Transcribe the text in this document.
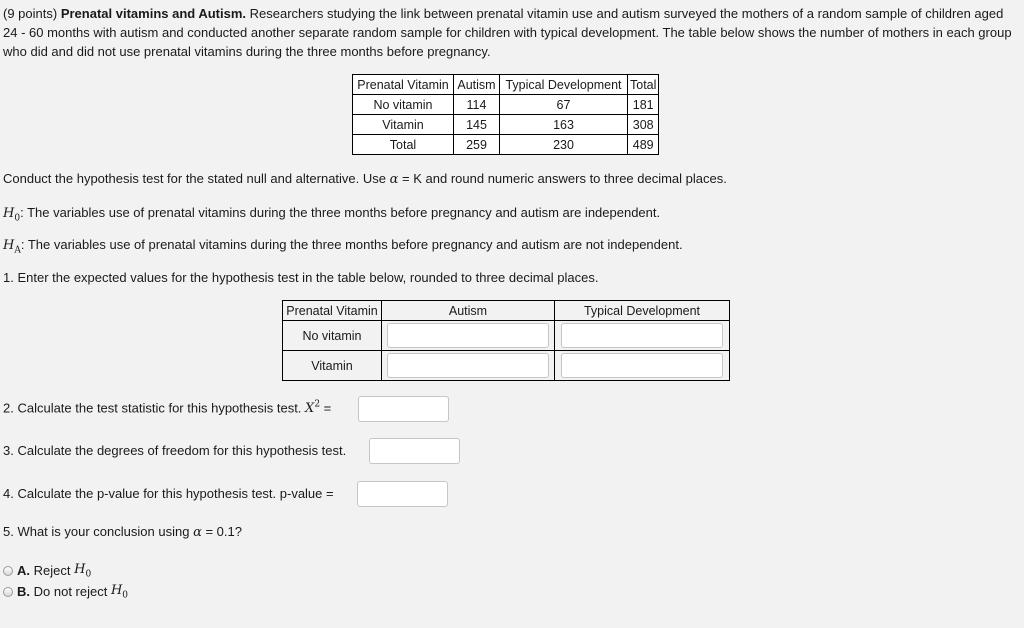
(9 points) Prenatal vitamins and Autism. Researchers studying the link between prenatal vitamin use and autism surveyed the mothers of a random sample of children aged 24 - 60 months with autism and conducted another separate random sample for children with typical development. The table below shows the number of mothers in each group who did and did not use prenatal vitamins during the three months before pregnancy.
Prenatal Vitamin	Autism	Typical Development	Total
No vitamin	114	67	181
Vitamin	145	163	308
Total	259	230	489
Conduct the hypothesis test for the stated null and alternative. Use α = K and round numeric answers to three decimal places.
$H_0$: The variables use of prenatal vitamins during the three months before pregnancy and autism are independent.
$H_A$: The variables use of prenatal vitamins during the three months before pregnancy and autism are not independent.
1. Enter the expected values for the hypothesis test in the table below, rounded to three decimal places.
Prenatal Vitamin	Autism	Typical Development
No vitamin	

Vitamin	

2. Calculate the test statistic for this hypothesis test. $X^2$ =
3. Calculate the degrees of freedom for this hypothesis test.
4. Calculate the p-value for this hypothesis test. p-value =
5. What is your conclusion using α = 0.1?
A.
Reject
$H_0$
B.
Do not reject
$H_0$
